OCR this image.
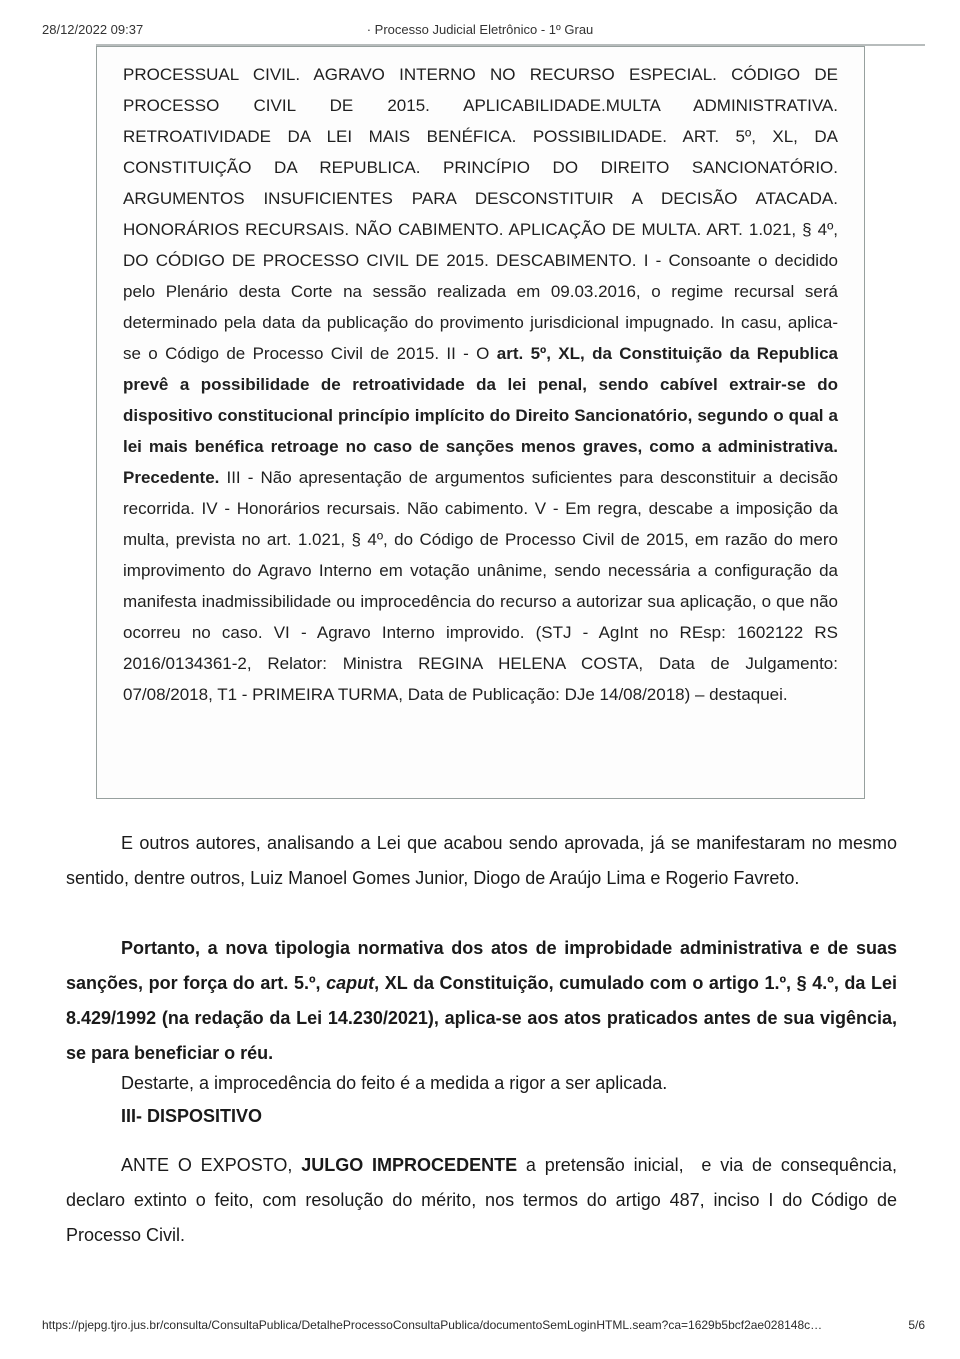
28/12/2022 09:37	· Processo Judicial Eletrônico - 1º Grau

PROCESSUAL CIVIL. AGRAVO INTERNO NO RECURSO ESPECIAL. CÓDIGO DE PROCESSO CIVIL DE 2015. APLICABILIDADE.MULTA ADMINISTRATIVA. RETROATIVIDADE DA LEI MAIS BENÉFICA. POSSIBILIDADE. ART. 5º, XL, DA CONSTITUIÇÃO DA REPUBLICA. PRINCÍPIO DO DIREITO SANCIONATÓRIO. ARGUMENTOS INSUFICIENTES PARA DESCONSTITUIR A DECISÃO ATACADA. HONORÁRIOS RECURSAIS. NÃO CABIMENTO. APLICAÇÃO DE MULTA. ART. 1.021, § 4º, DO CÓDIGO DE PROCESSO CIVIL DE 2015. DESCABIMENTO. I - Consoante o decidido pelo Plenário desta Corte na sessão realizada em 09.03.2016, o regime recursal será determinado pela data da publicação do provimento jurisdicional impugnado. In casu, aplica-se o Código de Processo Civil de 2015. II - O art. 5º, XL, da Constituição da Republica prevê a possibilidade de retroatividade da lei penal, sendo cabível extrair-se do dispositivo constitucional princípio implícito do Direito Sancionatório, segundo o qual a lei mais benéfica retroage no caso de sanções menos graves, como a administrativa. Precedente. III - Não apresentação de argumentos suficientes para desconstituir a decisão recorrida. IV - Honorários recursais. Não cabimento. V - Em regra, descabe a imposição da multa, prevista no art. 1.021, § 4º, do Código de Processo Civil de 2015, em razão do mero improvimento do Agravo Interno em votação unânime, sendo necessária a configuração da manifesta inadmissibilidade ou improcedência do recurso a autorizar sua aplicação, o que não ocorreu no caso. VI - Agravo Interno improvido. (STJ - AgInt no REsp: 1602122 RS 2016/0134361-2, Relator: Ministra REGINA HELENA COSTA, Data de Julgamento: 07/08/2018, T1 - PRIMEIRA TURMA, Data de Publicação: DJe 14/08/2018) – destaquei.

E outros autores, analisando a Lei que acabou sendo aprovada, já se manifestaram no mesmo sentido, dentre outros, Luiz Manoel Gomes Junior, Diogo de Araújo Lima e Rogerio Favreto.

Portanto, a nova tipologia normativa dos atos de improbidade administrativa e de suas sanções, por força do art. 5.º, caput, XL da Constituição, cumulado com o artigo 1.º, § 4.º, da Lei 8.429/1992 (na redação da Lei 14.230/2021), aplica-se aos atos praticados antes de sua vigência, se para beneficiar o réu.

Destarte, a improcedência do feito é a medida a rigor a ser aplicada.

III- DISPOSITIVO

ANTE O EXPOSTO, JULGO IMPROCEDENTE a pretensão inicial,  e via de consequência, declaro extinto o feito, com resolução do mérito, nos termos do artigo 487, inciso I do Código de Processo Civil.

https://pjepg.tjro.jus.br/consulta/ConsultaPublica/DetalheProcessoConsultaPublica/documentoSemLoginHTML.seam?ca=1629b5bcf2ae028148c…	5/6
